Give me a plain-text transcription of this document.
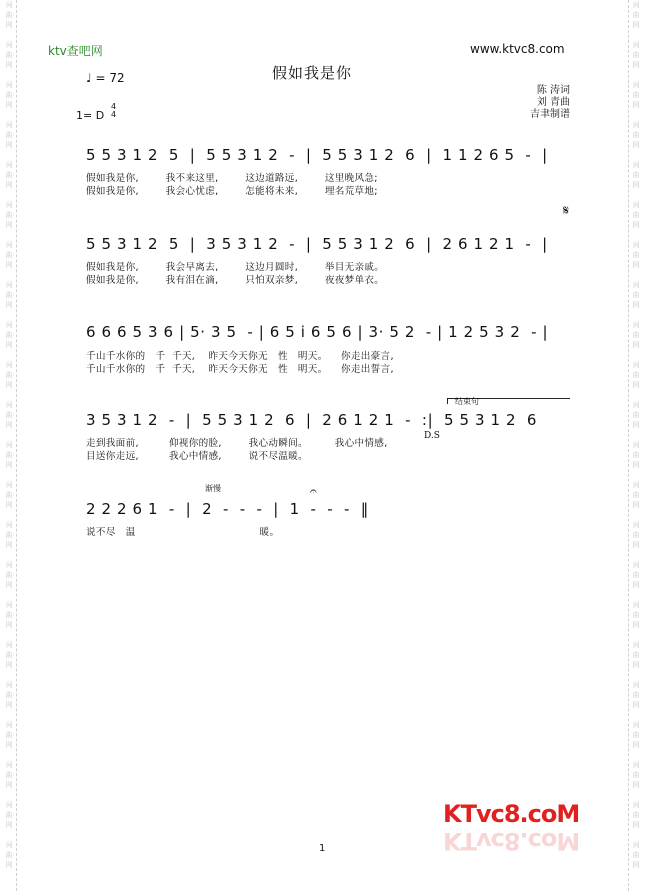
词
曲
网

词
曲
网

词
曲
网

词
曲
网

词
曲
网

词
曲
网

词
曲
网

词
曲
网

词
曲
网

词
曲
网

词
曲
网

词
曲
网

词
曲
网

词
曲
网

词
曲
网

词
曲
网

词
曲
网

词
曲
网

词
曲
网

词
曲
网

词
曲
网

词
曲
网
词
曲
网

词
曲
网

词
曲
网

词
曲
网

词
曲
网

词
曲
网

词
曲
网

词
曲
网

词
曲
网

词
曲
网

词
曲
网

词
曲
网

词
曲
网

词
曲
网

词
曲
网

词
曲
网

词
曲
网

词
曲
网

词
曲
网

词
曲
网

词
曲
网

词
曲
网
ktv查吧网	www.ktvc8.com
假如我是你
♩ = 72
1= D
4
4
陈 涛词
刘 青曲
吉聿制谱
5 5 3 1 2  5  |  5 5 3 1 2  -  |  5 5 3 1 2  6  |  1 1 2 6 5  -  |
假如我是你,        我不来这里,        这边道路远,        这里晚风急;
假如我是你,        我会心忧虑,        怎能将未来,        埋名荒草地;
𝄋
5 5 3 1 2  5  |  3 5 3 1 2  -  |  5 5 3 1 2  6  |  2 6 1 2 1  -  |
假如我是你,        我会早离去,        这边月圆时,        举目无亲戚。
假如我是你,        我有泪在滴,        只怕双亲梦,        夜夜梦单衣。
6 6 6 5 3 6 | 5· 3 5  - | 6 5 i 6 5 6 | 3· 5 2  - | 1 2 5 3 2  - |
千山千水你的   千  千天,    昨天今天你无   性   明天。    你走出豪言,
千山千水你的   千  千天,    昨天今天你无   性   明天。    你走出誓言,
结束句
3 5 3 1 2  -  |  5 5 3 1 2  6  |  2 6 1 2 1  -  :|  5 5 3 1 2  6
D.S
走到我面前,         仰视你的脸,        我心动瞬间。        我心中情感,
目送你走远,         我心中情感,        说不尽温暖。
渐慢	𝄐
2 2 2 6 1  -  |  2  -  -  -  |  1  -  -  -  ‖
说不尽   温                                     暖。
1
KTvc8.coM
KTvc8.coM
